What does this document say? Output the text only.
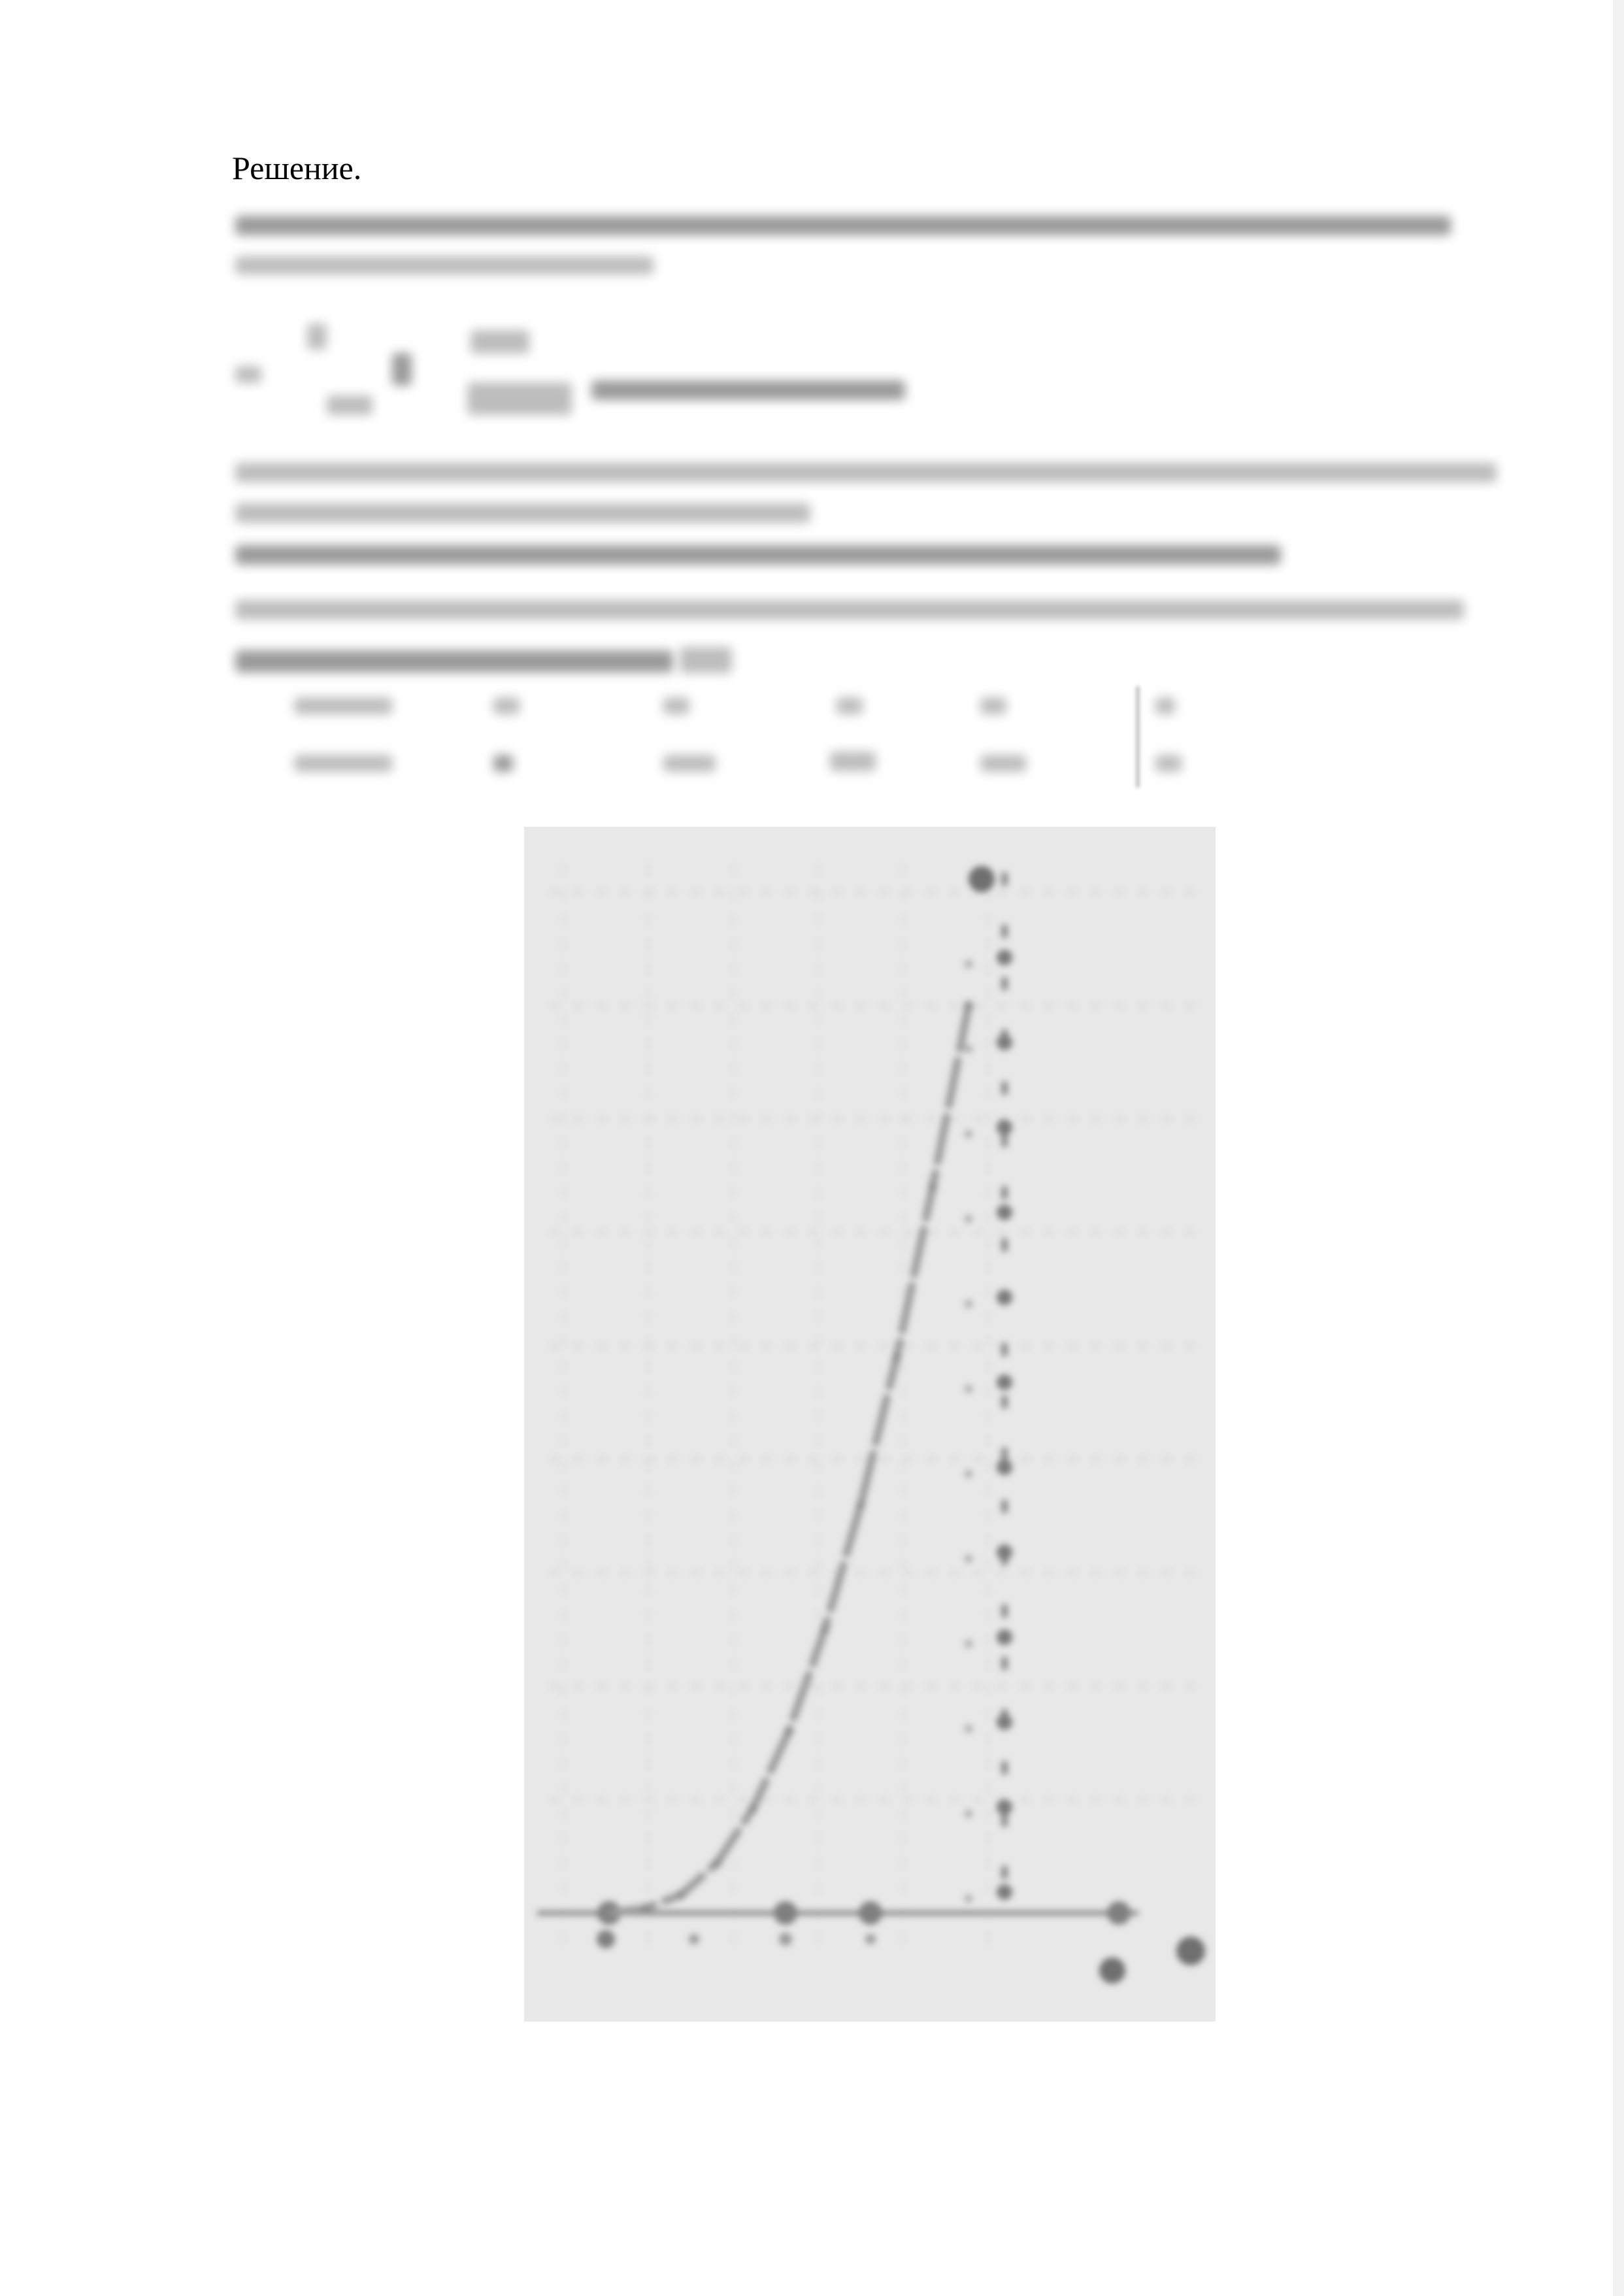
Решение.
